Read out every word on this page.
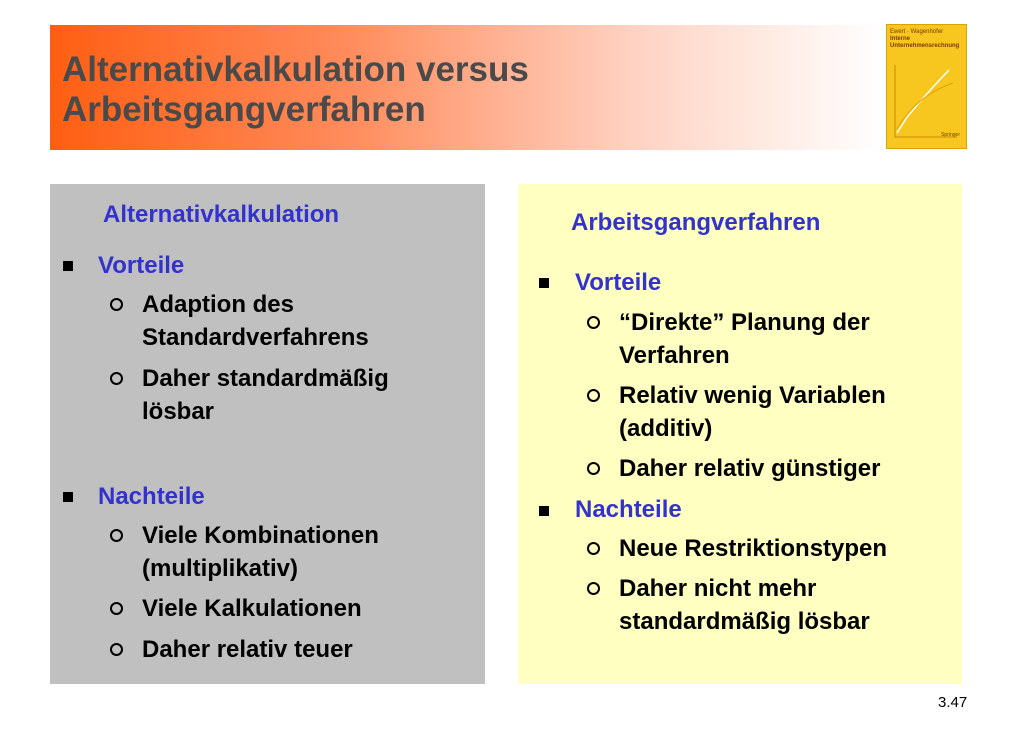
Alternativkalkulation versus
Arbeitsgangverfahren
Ewert · Wagenhofer
Interne
Unternehmensrechnung
Springer
Alternativkalkulation
Vorteile
Adaption des
Standardverfahrens
Daher standardmäßig
lösbar
Nachteile
Viele Kombinationen
(multiplikativ)
Viele Kalkulationen
Daher relativ teuer
Arbeitsgangverfahren
Vorteile
“Direkte” Planung der
Verfahren
Relativ wenig Variablen
(additiv)
Daher relativ günstiger
Nachteile
Neue Restriktionstypen
Daher nicht mehr
standardmäßig lösbar
3.47
